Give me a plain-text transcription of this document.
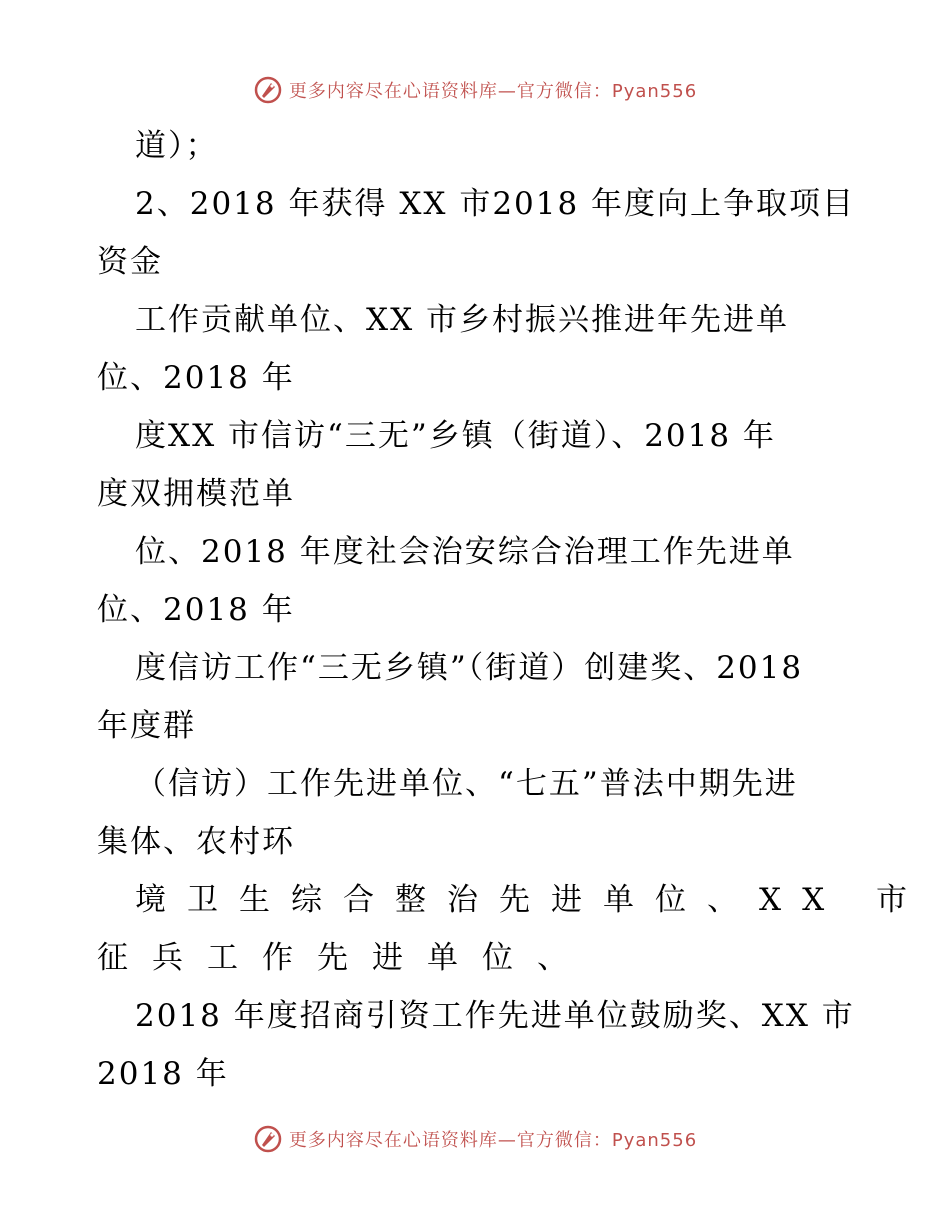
更多内容尽在心语资料库—官方微信：Pyan556
道）；
2、2018 年获得 XX 市2018 年度向上争取项目
资金
工作贡献单位、XX 市乡村振兴推进年先进单
位、2018 年
度XX 市信访“三无”乡镇（街道）、2018 年
度双拥模范单
位、2018 年度社会治安综合治理工作先进单
位、2018 年
度信访工作“三无乡镇”（街道）创建奖、2018
年度群
（信访）工作先进单位、“七五”普法中期先进
集体、农村环
境卫生综合整治先进单位、XX 市
征兵工作先进单位、
2018 年度招商引资工作先进单位鼓励奖、XX 市
2018 年
更多内容尽在心语资料库—官方微信：Pyan556
